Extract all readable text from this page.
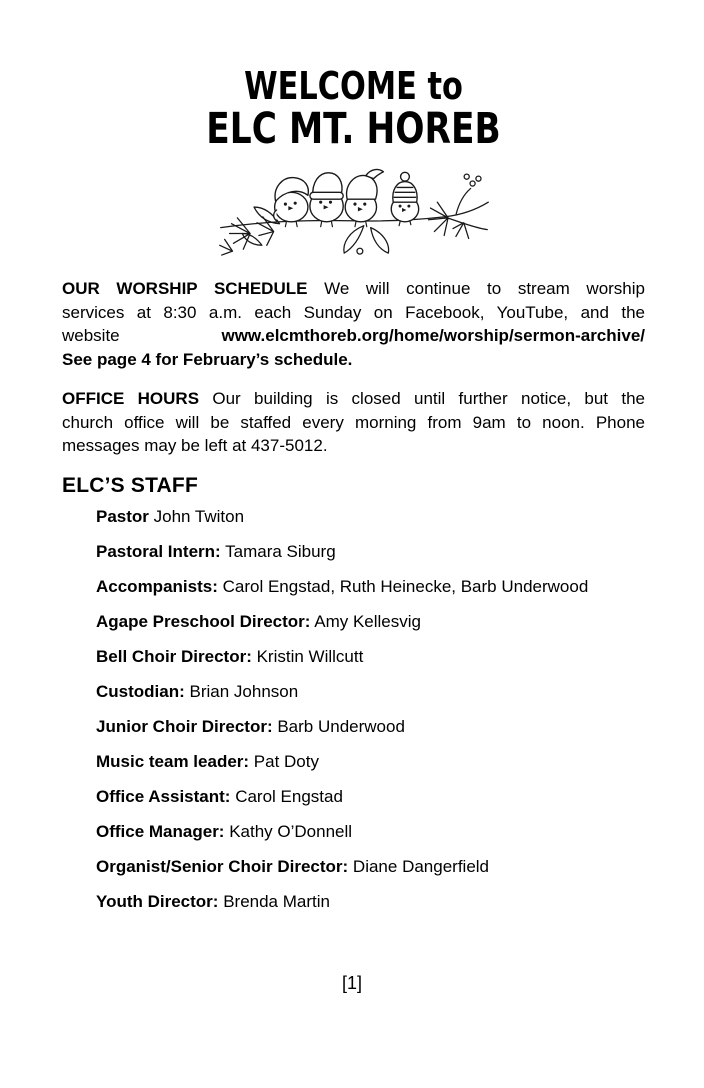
WELCOME to
ELC MT. HOREB
OUR WORSHIP SCHEDULE We will continue to stream worship
services at 8:30 a.m. each Sunday on Facebook, YouTube, and the
website www.elcmthoreb.org/home/worship/sermon-archive/
See page 4 for February’s schedule.
OFFICE HOURS Our building is closed until further notice, but the
church office will be staffed every morning from 9am to noon. Phone
messages may be left at 437-5012.
ELC’S STAFF
Pastor John Twiton
Pastoral Intern: Tamara Siburg
Accompanists: Carol Engstad, Ruth Heinecke, Barb Underwood
Agape Preschool Director: Amy Kellesvig
Bell Choir Director: Kristin Willcutt
Custodian: Brian Johnson
Junior Choir Director: Barb Underwood
Music team leader: Pat Doty
Office Assistant: Carol Engstad
Office Manager: Kathy O’Donnell
Organist/Senior Choir Director: Diane Dangerfield
Youth Director: Brenda Martin
[1]
